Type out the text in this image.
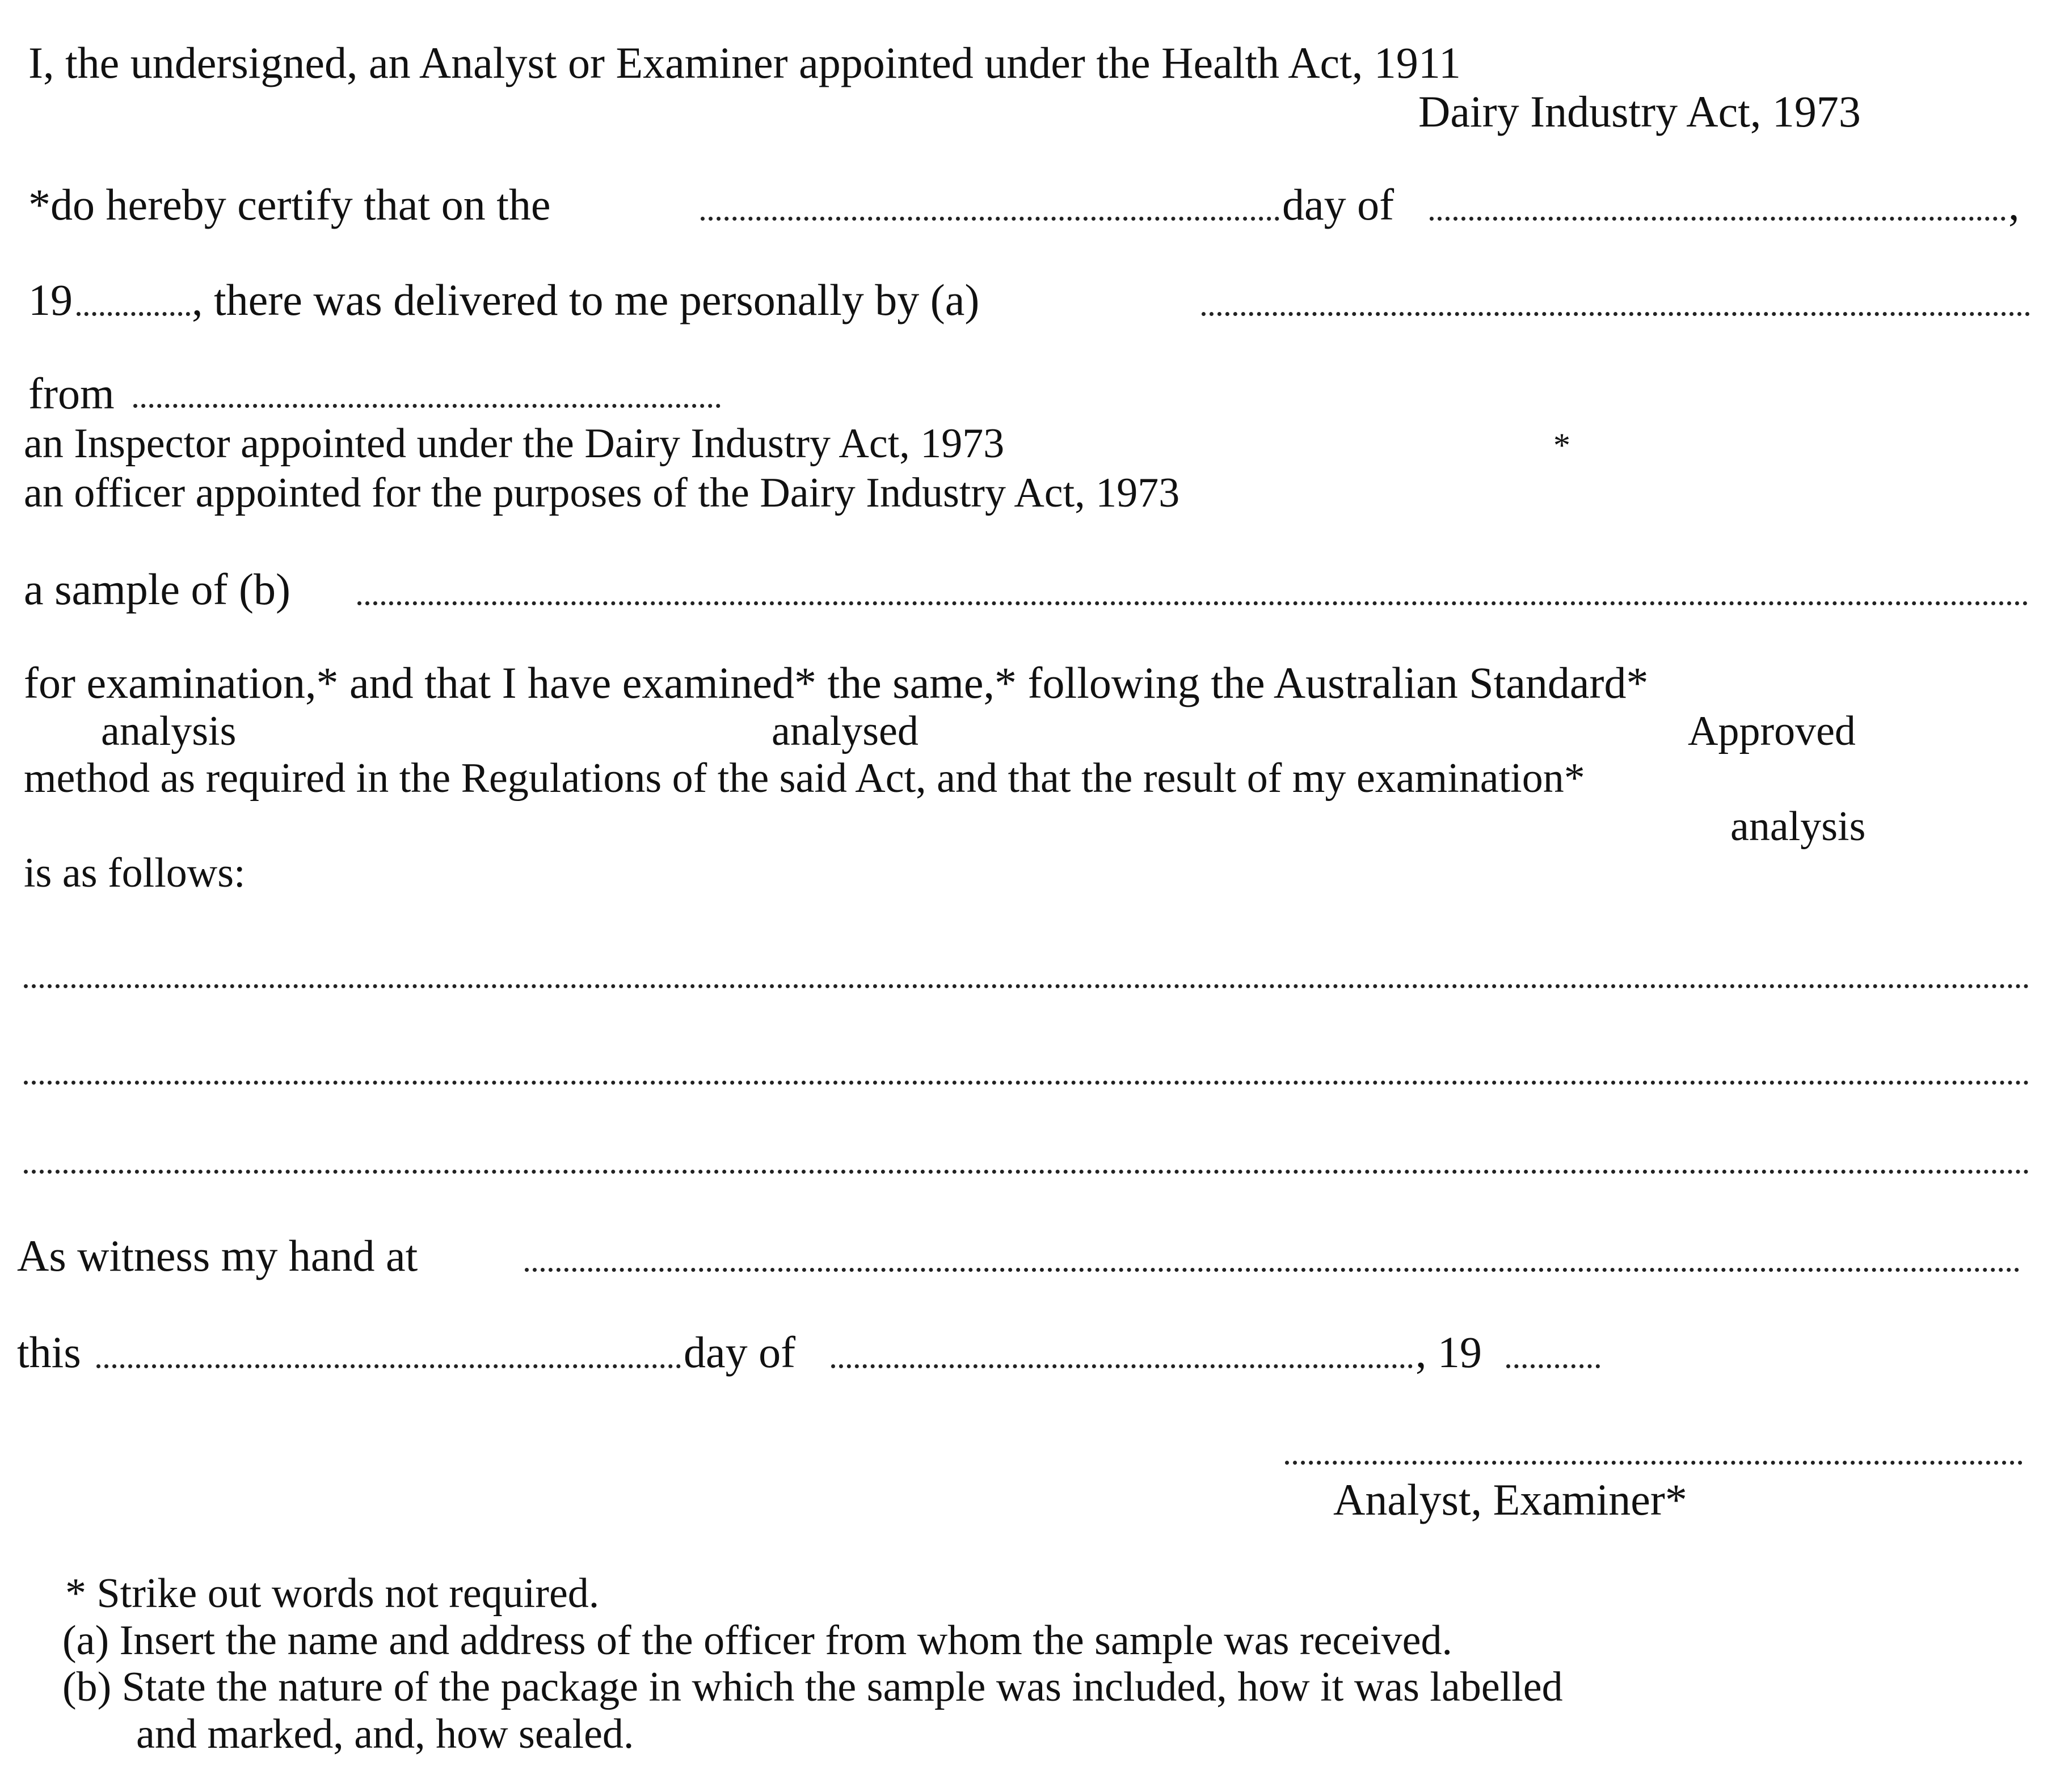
I, the undersigned, an Analyst or Examiner appointed under the Health Act, 1911
Dairy Industry Act, 1973
*do hereby certify that on the	day of	,
19	, there was delivered to me personally by (a)
from
an Inspector appointed under the Dairy Industry Act, 1973	*
an officer appointed for the purposes of the Dairy Industry Act, 1973
a sample of (b)
for examination,* and that I have examined* the same,* following the Australian Standard*
analysis	analysed	Approved
method as required in the Regulations of the said Act, and that the result of my examination*
analysis
is as follows:
As witness my hand at
this	day of	, 19
Analyst, Examiner*
* Strike out words not required.
(a) Insert the name and address of the officer from whom the sample was received.
(b) State the nature of the package in which the sample was included, how it was labelled
and marked, and, how sealed.
